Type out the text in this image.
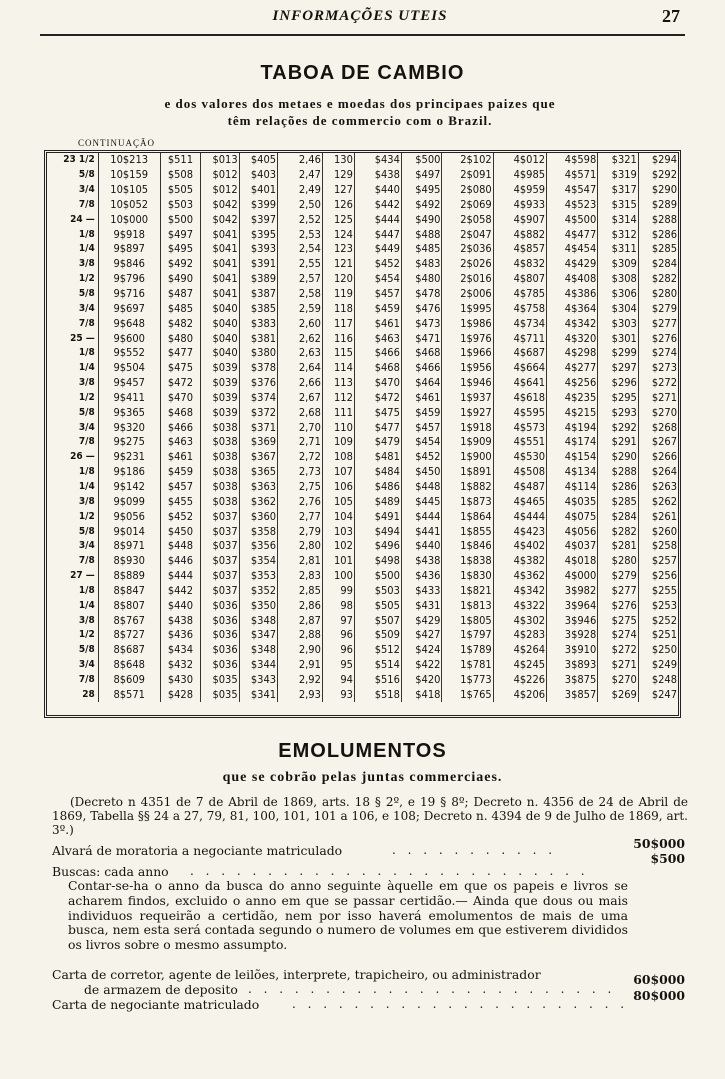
INFORMAÇÕES UTEIS	27
TABOA DE CAMBIO
e dos valores dos metaes e moedas dos principaes paizes que
têm relações de commercio com o Brazil.
CONTINUAÇÃO
23 1/2	10$213	$511	$013	$405	2,46	130	$434	$500	2$102	4$012	4$598	$321	$294
5/8	10$159	$508	$012	$403	2,47	129	$438	$497	2$091	4$985	4$571	$319	$292
3/4	10$105	$505	$012	$401	2,49	127	$440	$495	2$080	4$959	4$547	$317	$290
7/8	10$052	$503	$042	$399	2,50	126	$442	$492	2$069	4$933	4$523	$315	$289
24 —	10$000	$500	$042	$397	2,52	125	$444	$490	2$058	4$907	4$500	$314	$288
1/8	9$918	$497	$041	$395	2,53	124	$447	$488	2$047	4$882	4$477	$312	$286
1/4	9$897	$495	$041	$393	2,54	123	$449	$485	2$036	4$857	4$454	$311	$285
3/8	9$846	$492	$041	$391	2,55	121	$452	$483	2$026	4$832	4$429	$309	$284
1/2	9$796	$490	$041	$389	2,57	120	$454	$480	2$016	4$807	4$408	$308	$282
5/8	9$716	$487	$041	$387	2,58	119	$457	$478	2$006	4$785	4$386	$306	$280
3/4	9$697	$485	$040	$385	2,59	118	$459	$476	1$995	4$758	4$364	$304	$279
7/8	9$648	$482	$040	$383	2,60	117	$461	$473	1$986	4$734	4$342	$303	$277
25 —	9$600	$480	$040	$381	2,62	116	$463	$471	1$976	4$711	4$320	$301	$276
1/8	9$552	$477	$040	$380	2,63	115	$466	$468	1$966	4$687	4$298	$299	$274
1/4	9$504	$475	$039	$378	2,64	114	$468	$466	1$956	4$664	4$277	$297	$273
3/8	9$457	$472	$039	$376	2,66	113	$470	$464	1$946	4$641	4$256	$296	$272
1/2	9$411	$470	$039	$374	2,67	112	$472	$461	1$937	4$618	4$235	$295	$271
5/8	9$365	$468	$039	$372	2,68	111	$475	$459	1$927	4$595	4$215	$293	$270
3/4	9$320	$466	$038	$371	2,70	110	$477	$457	1$918	4$573	4$194	$292	$268
7/8	9$275	$463	$038	$369	2,71	109	$479	$454	1$909	4$551	4$174	$291	$267
26 —	9$231	$461	$038	$367	2,72	108	$481	$452	1$900	4$530	4$154	$290	$266
1/8	9$186	$459	$038	$365	2,73	107	$484	$450	1$891	4$508	4$134	$288	$264
1/4	9$142	$457	$038	$363	2,75	106	$486	$448	1$882	4$487	4$114	$286	$263
3/8	9$099	$455	$038	$362	2,76	105	$489	$445	1$873	4$465	4$035	$285	$262
1/2	9$056	$452	$037	$360	2,77	104	$491	$444	1$864	4$444	4$075	$284	$261
5/8	9$014	$450	$037	$358	2,79	103	$494	$441	1$855	4$423	4$056	$282	$260
3/4	8$971	$448	$037	$356	2,80	102	$496	$440	1$846	4$402	4$037	$281	$258
7/8	8$930	$446	$037	$354	2,81	101	$498	$438	1$838	4$382	4$018	$280	$257
27 —	8$889	$444	$037	$353	2,83	100	$500	$436	1$830	4$362	4$000	$279	$256
1/8	8$847	$442	$037	$352	2,85	99	$503	$433	1$821	4$342	3$982	$277	$255
1/4	8$807	$440	$036	$350	2,86	98	$505	$431	1$813	4$322	3$964	$276	$253
3/8	8$767	$438	$036	$348	2,87	97	$507	$429	1$805	4$302	3$946	$275	$252
1/2	8$727	$436	$036	$347	2,88	96	$509	$427	1$797	4$283	3$928	$274	$251
5/8	8$687	$434	$036	$348	2,90	96	$512	$424	1$789	4$264	3$910	$272	$250
3/4	8$648	$432	$036	$344	2,91	95	$514	$422	1$781	4$245	3$893	$271	$249
7/8	8$609	$430	$035	$343	2,92	94	$516	$420	1$773	4$226	3$875	$270	$248
28	8$571	$428	$035	$341	2,93	93	$518	$418	1$765	4$206	3$857	$269	$247
EMOLUMENTOS
que se cobrão pelas juntas commerciaes.
(Decreto n 4351 de 7 de Abril de 1869, arts. 18 § 2º, e 19 § 8º; Decreto n. 4356 de 24 de Abril de 1869, Tabella §§ 24 a 27, 79, 81, 100, 101, 101 a 106, e 108; Decreto n. 4394 de 9 de Julho de 1869, art. 3º.)
Alvará de moratoria a negociante matriculado	. . . . . . . . . . .	50$000
Buscas: cada anno . . . . . . . . . . . . . . . . . . . . . . . . . .
$500
Contar-se-ha o anno da busca do anno seguinte àquelle em que os papeis e livros se acharem findos, excluido o anno em que se passar certidão.— Ainda que dous ou mais individuos requeirão a certidão, nem por isso haverá emolumentos de mais de uma busca, nem esta será contada segundo o numero de volumes em que estiverem divididos os livros sobre o mesmo assumpto.
Carta de corretor, agente de leilões, interprete, trapicheiro, ou administrador
de armazem de deposito . . . . . . . . . . . . . . . . . . . . . . . .
60$000
Carta de negociante matriculado	. . . . . . . . . . . . . . . . . . . . . .
80$000
